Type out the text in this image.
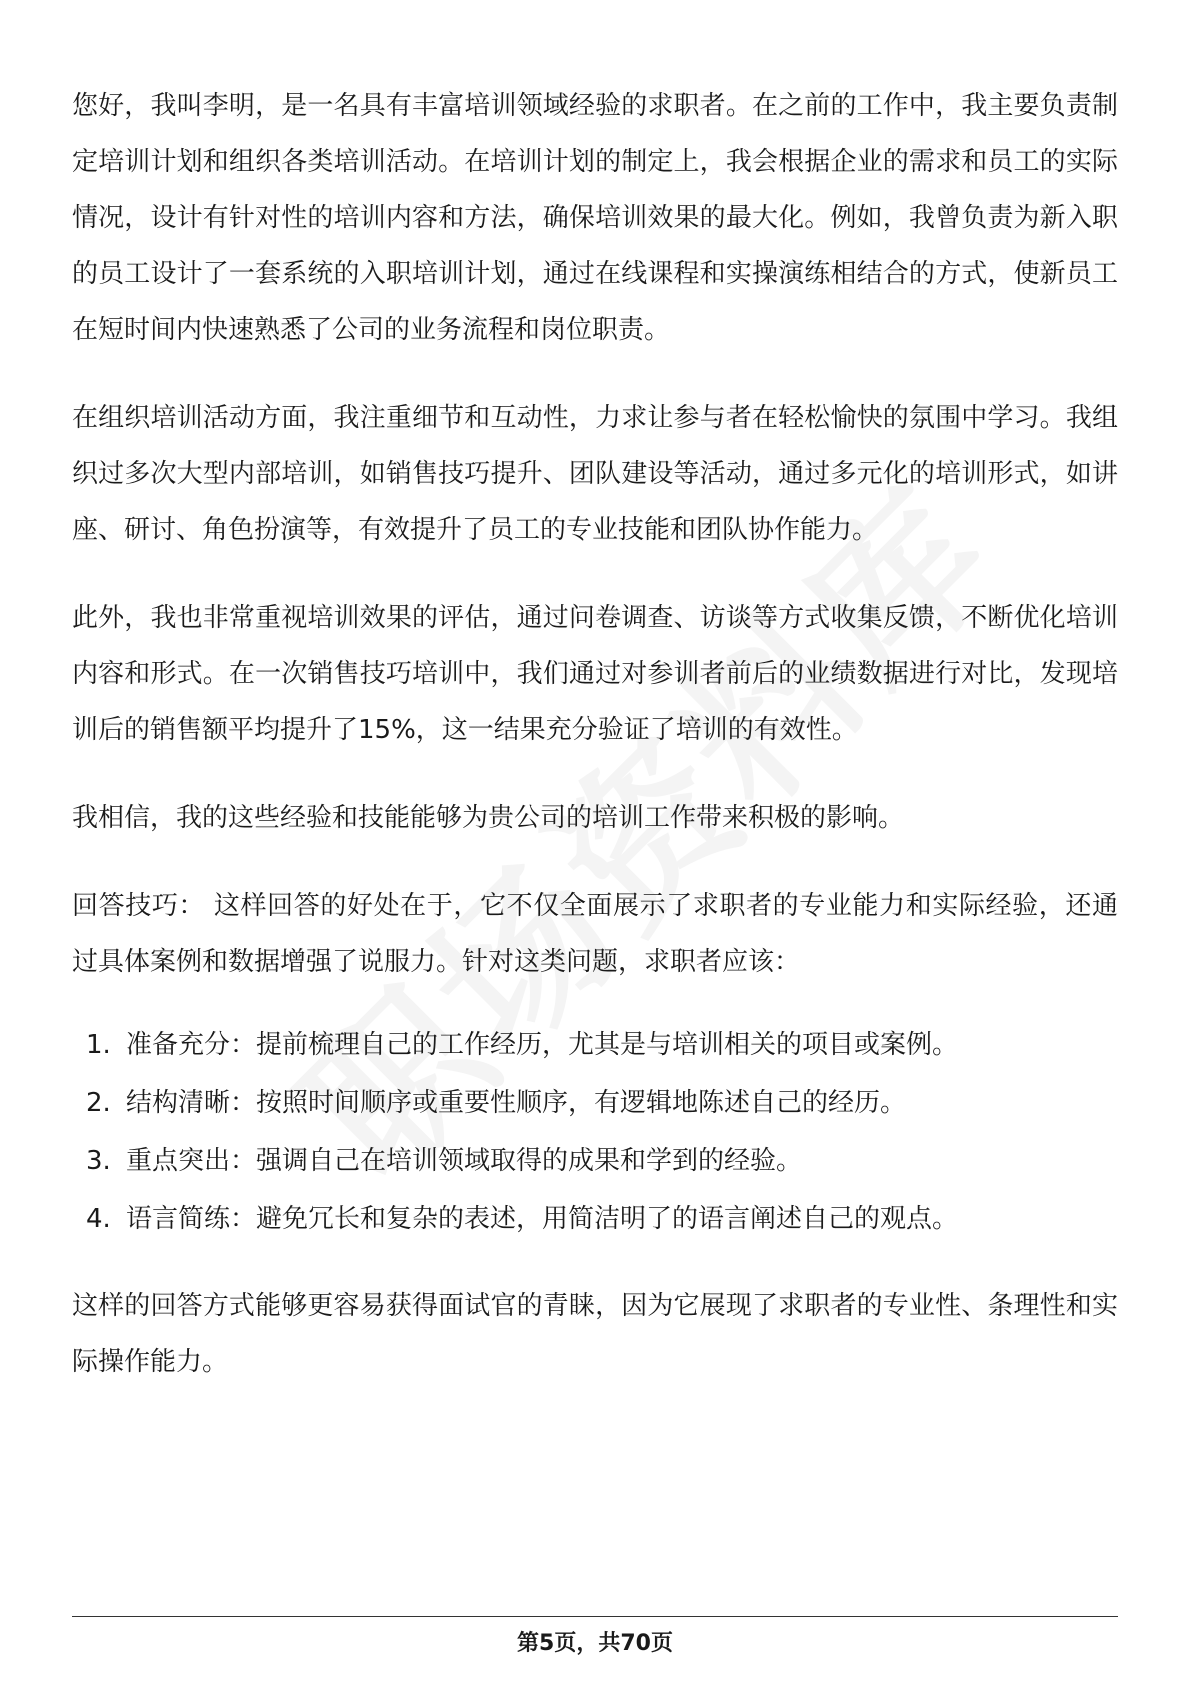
您好，我叫李明，是一名具有丰富培训领域经验的求职者。在之前的工作中，我主要负责制定培训计划和组织各类培训活动。在培训计划的制定上，我会根据企业的需求和员工的实际情况，设计有针对性的培训内容和方法，确保培训效果的最大化。例如，我曾负责为新入职的员工设计了一套系统的入职培训计划，通过在线课程和实操演练相结合的方式，使新员工在短时间内快速熟悉了公司的业务流程和岗位职责。

在组织培训活动方面，我注重细节和互动性，力求让参与者在轻松愉快的氛围中学习。我组织过多次大型内部培训，如销售技巧提升、团队建设等活动，通过多元化的培训形式，如讲座、研讨、角色扮演等，有效提升了员工的专业技能和团队协作能力。

此外，我也非常重视培训效果的评估，通过问卷调查、访谈等方式收集反馈，不断优化培训内容和形式。在一次销售技巧培训中，我们通过对参训者前后的业绩数据进行对比，发现培训后的销售额平均提升了15%，这一结果充分验证了培训的有效性。

我相信，我的这些经验和技能能够为贵公司的培训工作带来积极的影响。

回答技巧： 这样回答的好处在于，它不仅全面展示了求职者的专业能力和实际经验，还通过具体案例和数据增强了说服力。针对这类问题，求职者应该：

1. 准备充分：提前梳理自己的工作经历，尤其是与培训相关的项目或案例。
2. 结构清晰：按照时间顺序或重要性顺序，有逻辑地陈述自己的经历。
3. 重点突出：强调自己在培训领域取得的成果和学到的经验。
4. 语言简练：避免冗长和复杂的表述，用简洁明了的语言阐述自己的观点。

这样的回答方式能够更容易获得面试官的青睐，因为它展现了求职者的专业性、条理性和实际操作能力。

第5页，共70页
